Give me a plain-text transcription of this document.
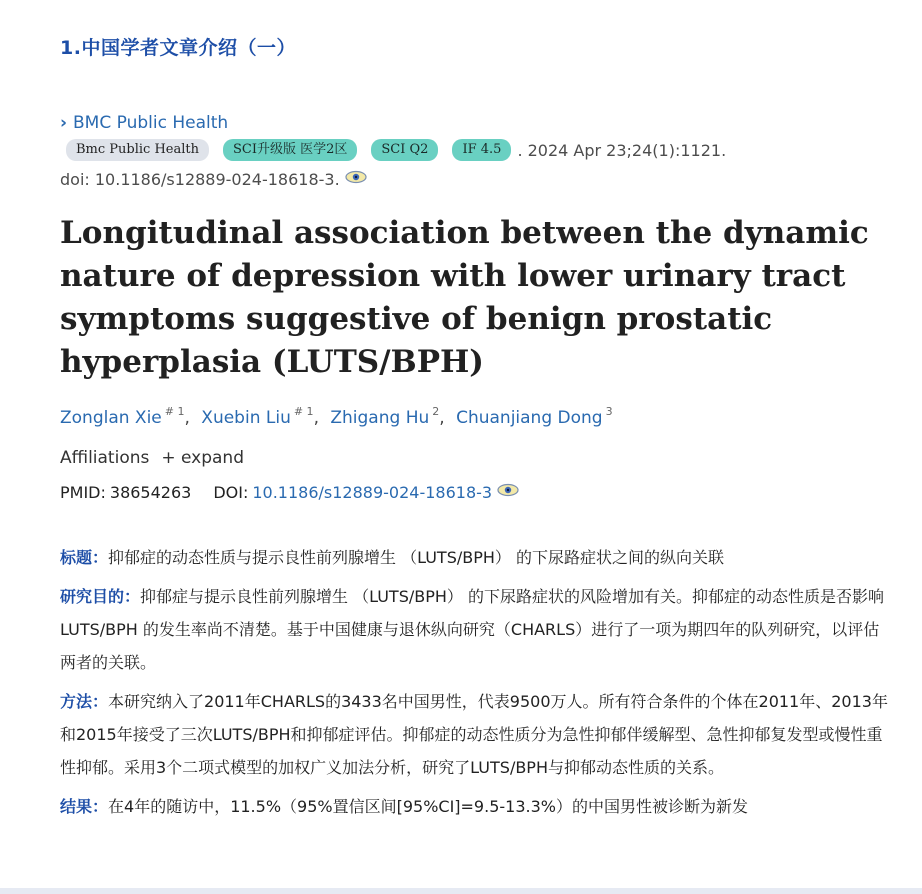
1.中国学者文章介绍（一）
› BMC Public Health
Bmc Public Health	SCI升级版 医学2区	SCI Q2	IF 4.5	. 2024 Apr 23;24(1):1121.
doi: 10.1186/s12889-024-18618-3.
Longitudinal association between the dynamic nature of depression with lower urinary tract symptoms suggestive of benign prostatic hyperplasia (LUTS/BPH)
Zonglan Xie $^{\# 1}$, Xuebin Liu $^{\# 1}$, Zhigang Hu $^2$, Chuanjiang Dong $^3$
Affiliations + expand
PMID: 38654263 DOI: 10.1186/s12889-024-18618-3

标题：抑郁症的动态性质与提示良性前列腺增生 （LUTS/BPH） 的下尿路症状之间的纵向关联

研究目的：抑郁症与提示良性前列腺增生 （LUTS/BPH） 的下尿路症状的风险增加有关。抑郁症的动态性质是否影响 LUTS/BPH 的发生率尚不清楚。基于中国健康与退休纵向研究（CHARLS）进行了一项为期四年的队列研究，以评估两者的关联。

方法：本研究纳入了2011年CHARLS的3433名中国男性，代表9500万人。所有符合条件的个体在2011年、2013年和2015年接受了三次LUTS/BPH和抑郁症评估。抑郁症的动态性质分为急性抑郁伴缓解型、急性抑郁复发型或慢性重性抑郁。采用3个二项式模型的加权广义加法分析，研究了LUTS/BPH与抑郁动态性质的关系。

结果：在4年的随访中，11.5%（95%置信区间[95%CI]=9.5-13.3%）的中国男性被诊断为新发
